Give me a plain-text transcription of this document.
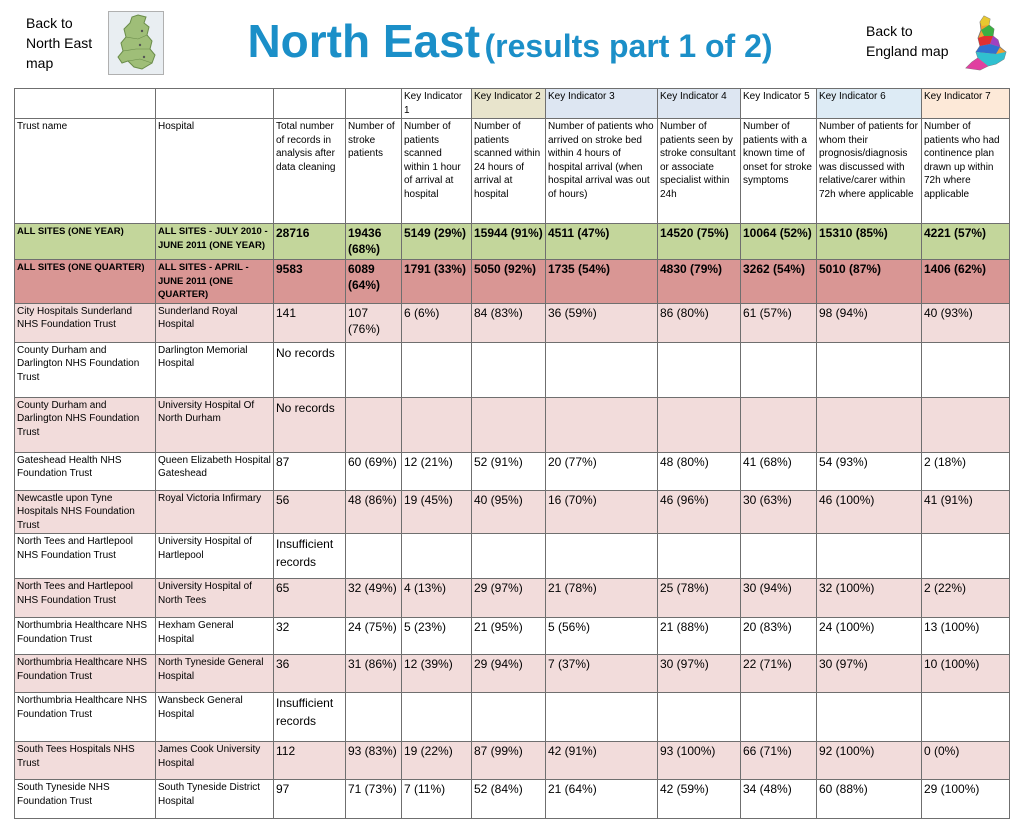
Back to North East map	North East (results part 1 of 2)	Back to England map
				Key Indicator 1	Key Indicator 2	Key Indicator 3	Key Indicator 4	Key Indicator 5	Key Indicator 6	Key Indicator 7
Trust name	Hospital	Total number of records in analysis after data cleaning	Number of stroke patients	Number of patients scanned within 1 hour of arrival at hospital	Number of patients scanned within 24 hours of arrival at hospital	Number of patients who arrived on stroke bed within 4 hours of hospital arrival (when hospital arrival was out of hours)	Number of patients seen by stroke consultant or associate specialist within 24h	Number of patients with a known time of onset for stroke symptoms	Number of patients for whom their prognosis/diagnosis was discussed with relative/carer within 72h where applicable	Number of patients who had continence plan drawn up within 72h where applicable
ALL SITES (ONE YEAR)	ALL SITES - JULY 2010 - JUNE 2011 (ONE YEAR)	28716	19436 (68%)	5149 (29%)	15944 (91%)	4511 (47%)	14520 (75%)	10064 (52%)	15310 (85%)	4221 (57%)
ALL SITES (ONE QUARTER)	ALL SITES - APRIL - JUNE 2011 (ONE QUARTER)	9583	6089 (64%)	1791 (33%)	5050 (92%)	1735 (54%)	4830 (79%)	3262 (54%)	5010 (87%)	1406 (62%)
City Hospitals Sunderland NHS Foundation Trust	Sunderland Royal Hospital	141	107 (76%)	6 (6%)	84 (83%)	36 (59%)	86 (80%)	61 (57%)	98 (94%)	40 (93%)
County Durham and Darlington NHS Foundation Trust	Darlington Memorial Hospital	No records								
County Durham and Darlington NHS Foundation Trust	University Hospital Of North Durham	No records								
Gateshead Health NHS Foundation Trust	Queen Elizabeth Hospital Gateshead	87	60 (69%)	12 (21%)	52 (91%)	20 (77%)	48 (80%)	41 (68%)	54 (93%)	2 (18%)
Newcastle upon Tyne Hospitals NHS Foundation Trust	Royal Victoria Infirmary	56	48 (86%)	19 (45%)	40 (95%)	16 (70%)	46 (96%)	30 (63%)	46 (100%)	41 (91%)
North Tees and Hartlepool NHS Foundation Trust	University Hospital of Hartlepool	Insufficient records								
North Tees and Hartlepool NHS Foundation Trust	University Hospital of North Tees	65	32 (49%)	4 (13%)	29 (97%)	21 (78%)	25 (78%)	30 (94%)	32 (100%)	2 (22%)
Northumbria Healthcare NHS Foundation Trust	Hexham General Hospital	32	24 (75%)	5 (23%)	21 (95%)	5 (56%)	21 (88%)	20 (83%)	24 (100%)	13 (100%)
Northumbria Healthcare NHS Foundation Trust	North Tyneside General Hospital	36	31 (86%)	12 (39%)	29 (94%)	7 (37%)	30 (97%)	22 (71%)	30 (97%)	10 (100%)
Northumbria Healthcare NHS Foundation Trust	Wansbeck General Hospital	Insufficient records								
South Tees Hospitals NHS Trust	James Cook University Hospital	112	93 (83%)	19 (22%)	87 (99%)	42 (91%)	93 (100%)	66 (71%)	92 (100%)	0 (0%)
South Tyneside NHS Foundation Trust	South Tyneside District Hospital	97	71 (73%)	7 (11%)	52 (84%)	21 (64%)	42 (59%)	34 (48%)	60 (88%)	29 (100%)
